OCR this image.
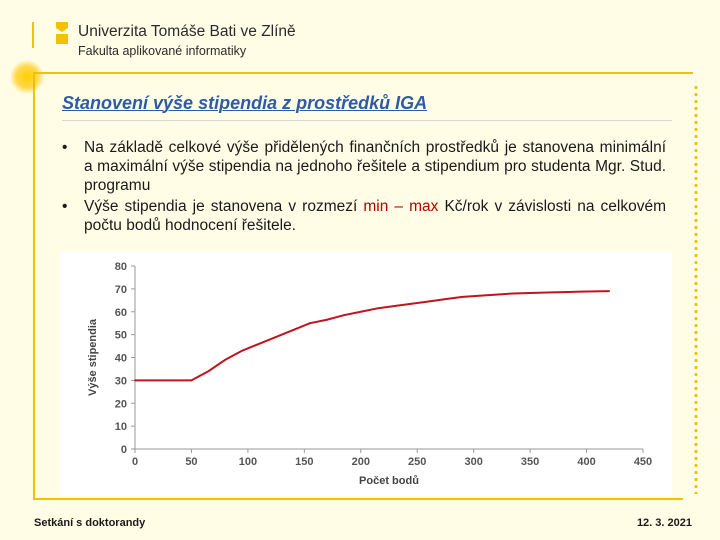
Univerzita Tomáše Bati ve Zlíně
Fakulta aplikované informatiky
Stanovení výše stipendia z prostředků IGA
• Na základě celkové výše přidělených finančních prostředků je stanovena minimální a maximální výše stipendia na jednoho řešitele a stipendium pro studenta Mgr. Stud. programu
• Výše stipendia je stanovena v rozmezí min – max Kč/rok v závislosti na celkovém počtu bodů hodnocení řešitele.
0
10
20
30
40
50
60
70
80
0	50	100	150	200	250	300	350	400	450
Počet bodů
Výše stipendia
Setkání s doktorandy	12. 3. 2021
